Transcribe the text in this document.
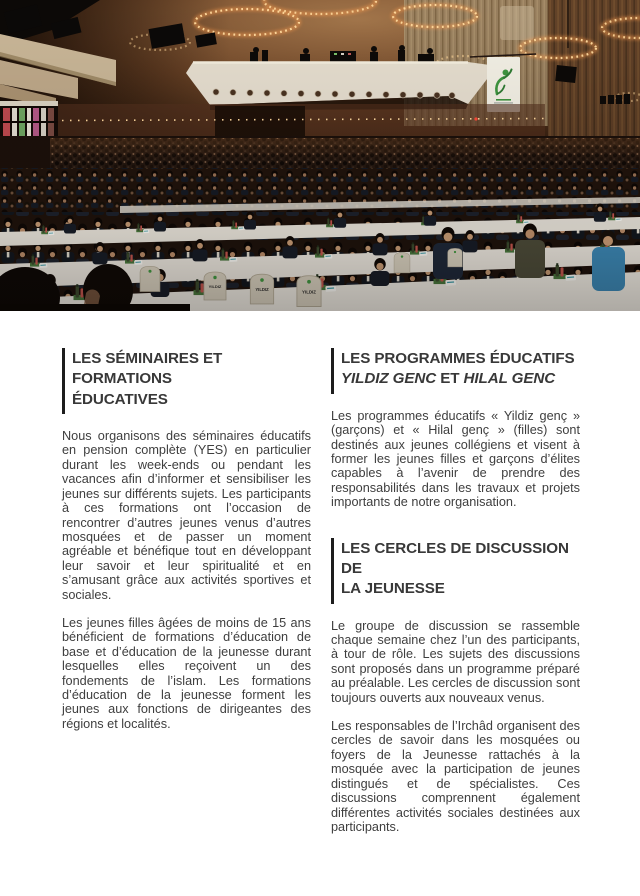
LES SÉMINAIRES ET FORMATIONS
ÉDUCATIVES

Nous organisons des séminaires éducatifs en pension complète (YES) en particulier durant les week-ends ou pendant les vacances afin d’informer et sensibiliser les jeunes sur différents sujets. Les participants à ces formations ont l’occasion de rencontrer d’autres jeunes venus d’autres mosquées et de passer un moment agréable et bénéfique tout en développant leur savoir et leur spiritualité et en s’amusant grâce aux activités sportives et sociales.

Les jeunes filles âgées de moins de 15 ans bénéficient de formations d’éducation de base et d’éducation de la jeunesse durant lesquelles elles reçoivent un des fondements de l’islam. Les formations d’éducation de la jeunesse forment les jeunes aux fonctions de dirigeantes des régions et localités.

LES PROGRAMMES ÉDUCATIFS
YILDIZ GENC ET HILAL GENC

Les programmes éducatifs « Yildiz genç » (garçons) et « Hilal genç » (filles) sont destinés aux jeunes collégiens et visent à former les jeunes filles et garçons d’élites capables à l’avenir de prendre des responsabilités dans les travaux et projets importants de notre organisation.

LES CERCLES DE DISCUSSION DE
LA JEUNESSE

Le groupe de discussion se rassemble chaque semaine chez l’un des participants, à tour de rôle. Les sujets des discussions sont proposés dans un programme préparé au préalable. Les cercles de discussion sont toujours ouverts aux nouveaux venus.

Les responsables de l’Irchâd organisent des cercles de savoir dans les mosquées ou foyers de la Jeunesse rattachés à la mosquée avec la participation de jeunes distingués et de spécialistes. Ces discussions comprennent également différentes activités sociales destinées aux participants.
